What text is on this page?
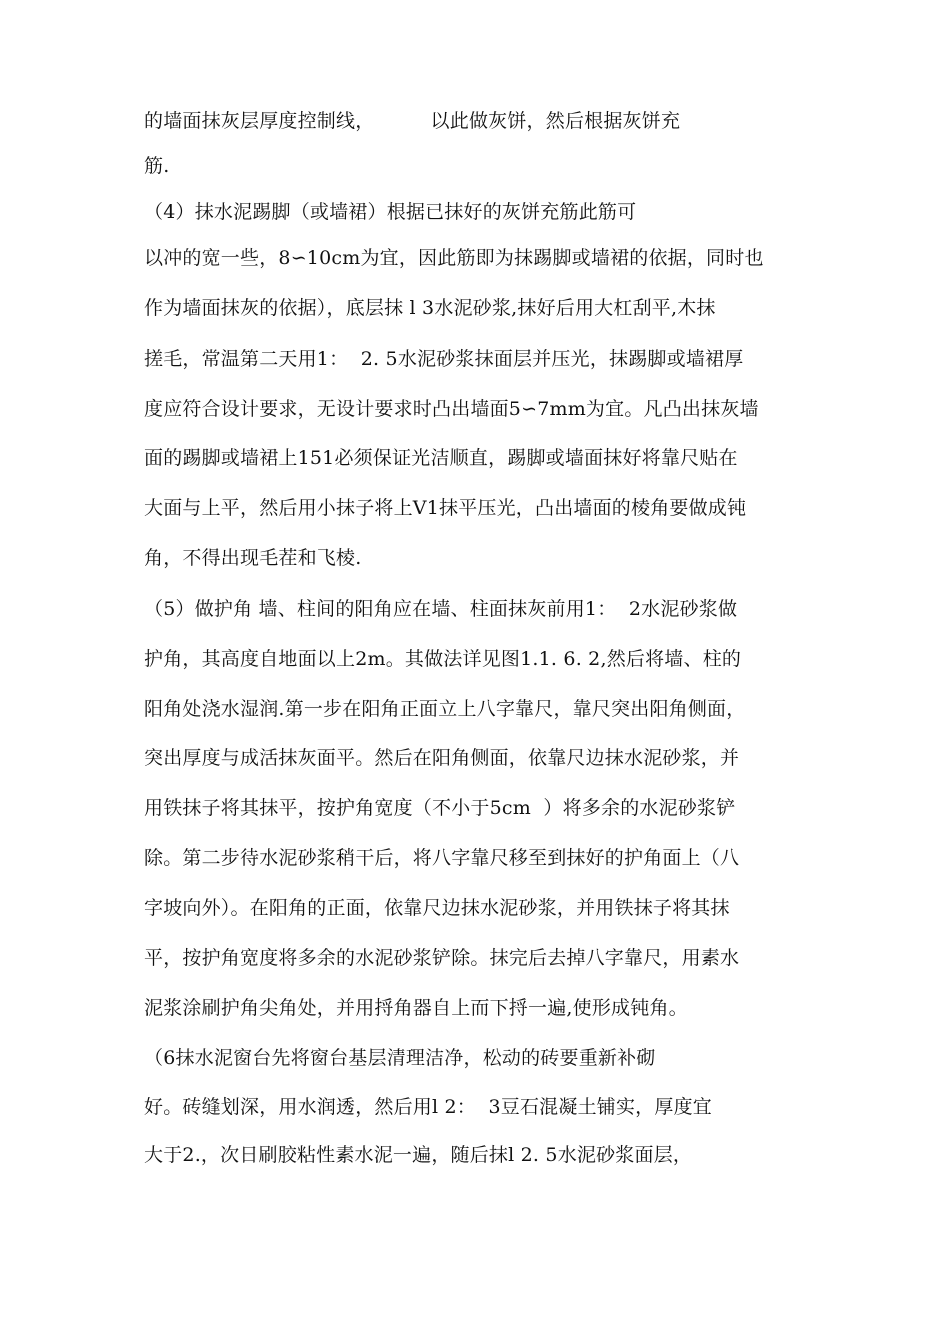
的墙面抹灰层厚度控制线，         以此做灰饼，然后根据灰饼充
筋.
（4）抹水泥踢脚（或墙裙）根据已抹好的灰饼充筋此筋可
以冲的宽一些，8∽10cm为宜，因此筋即为抹踢脚或墙裙的依据，同时也
作为墙面抹灰的依据），底层抹 l 3水泥砂浆,抹好后用大杠刮平,木抹
搓毛，常温第二天用1：  2. 5水泥砂浆抹面层并压光，抹踢脚或墙裙厚
度应符合设计要求，无设计要求时凸出墙面5∽7mm为宜。凡凸出抹灰墙
面的踢脚或墙裙上151必须保证光洁顺直，踢脚或墙面抹好将靠尺贴在
大面与上平，然后用小抹子将上V1抹平压光，凸出墙面的棱角要做成钝
角，不得出现毛茬和飞棱.
（5）做护角 墙、柱间的阳角应在墙、柱面抹灰前用1：  2水泥砂浆做
护角，其高度自地面以上2m。其做法详见图1.1. 6. 2,然后将墙、柱的
阳角处浇水湿润.第一步在阳角正面立上八字靠尺，靠尺突出阳角侧面，
突出厚度与成活抹灰面平。然后在阳角侧面，依靠尺边抹水泥砂浆，并
用铁抹子将其抹平，按护角宽度（不小于5cm  ）将多余的水泥砂浆铲
除。第二步待水泥砂浆稍干后，将八字靠尺移至到抹好的护角面上（八
字坡向外）。在阳角的正面，依靠尺边抹水泥砂浆，并用铁抹子将其抹
平，按护角宽度将多余的水泥砂浆铲除。抹完后去掉八字靠尺，用素水
泥浆涂刷护角尖角处，并用捋角器自上而下捋一遍,使形成钝角。
（6抹水泥窗台先将窗台基层清理洁净，松动的砖要重新补砌
好。砖缝划深，用水润透，然后用l 2：  3豆石混凝土铺实，厚度宜
大于2.，次日刷胶粘性素水泥一遍，随后抹l 2. 5水泥砂浆面层，
